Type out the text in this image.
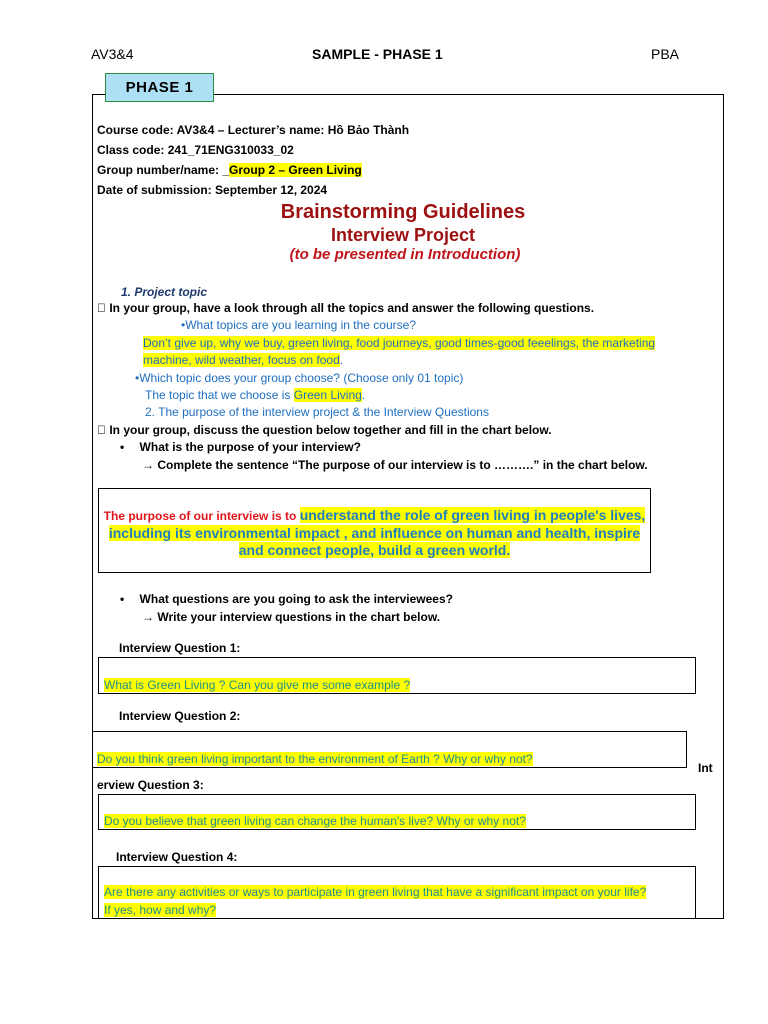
AV3&4	SAMPLE - PHASE 1	PBA
PHASE 1
Course code: AV3&4 – Lecturer’s name: Hồ Bảo Thành
Class code: 241_71ENG310033_02
Group number/name: _Group 2 – Green Living
Date of submission: September 12, 2024
Brainstorming Guidelines
Interview Project
(to be presented in Introduction)
1. Project topic
In your group, have a look through all the topics and answer the following questions.
•What topics are you learning in the course?
Don’t give up, why we buy, green living, food journeys, good times-good feeelings, the marketing
machine, wild weather, focus on food.
•Which topic does your group choose? (Choose only 01 topic)
The topic that we choose is Green Living.
2. The purpose of the interview project & the Interview Questions
In your group, discuss the question below together and fill in the chart below.
• What is the purpose of your interview?
→ Complete the sentence “The purpose of our interview is to ……….” in the chart below.
The purpose of our interview is to understand the role of green living in people's lives, including its environmental impact , and influence on human and health, inspire and connect people, build a green world.
• What questions are you going to ask the interviewees?
→ Write your interview questions in the chart below.
Interview Question 1:
What is Green Living ? Can you give me some example ?
Interview Question 2:
Do you think green living important to the environment of Earth ? Why or why not?
Int
erview Question 3:
Do you believe that green living can change the human's live? Why or why not?
Interview Question 4:
Are there any activities or ways to participate in green living that have a significant impact on your life?
If yes, how and why?
